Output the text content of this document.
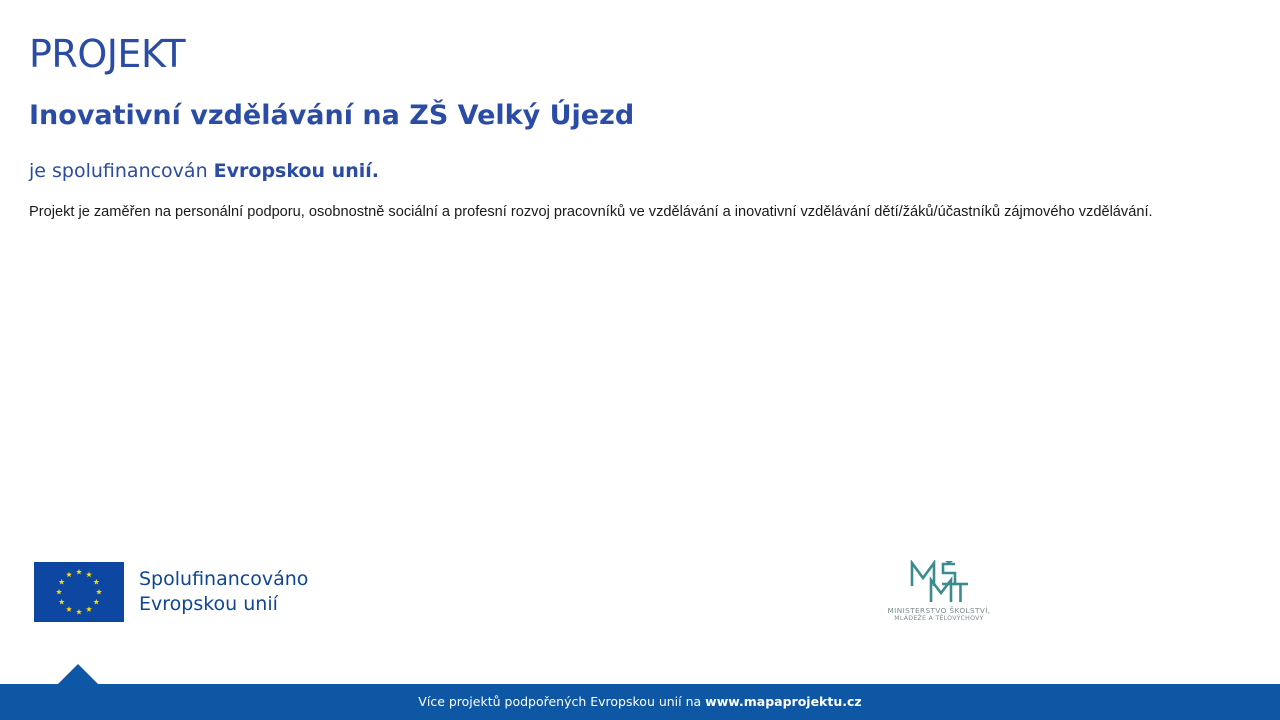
PROJEKT
Inovativní vzdělávání na ZŠ Velký Újezd

je spolufinancován Evropskou unií.

Projekt je zaměřen na personální podporu, osobnostně sociální a profesní rozvoj pracovníků ve vzdělávání a inovativní vzdělávání dětí/žáků/účastníků zájmového vzdělávání.

Spolufinancováno
Evropskou unií	MINISTERSTVO ŠKOLSTVÍ,
MLÁDEŽE A TĚLOVÝCHOVY
Více projektů podpořených Evropskou unií na www.mapaprojektu.cz
